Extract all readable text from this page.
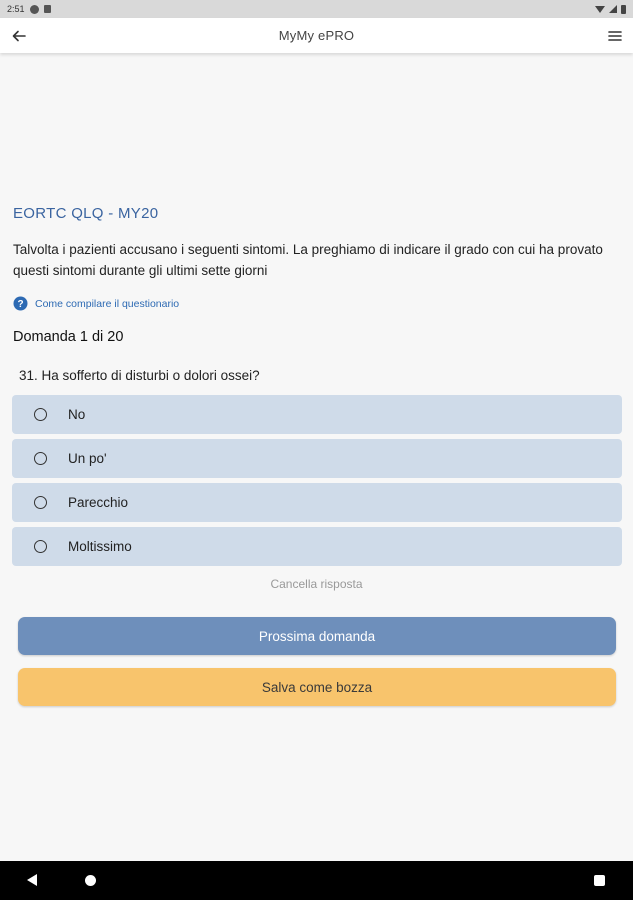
2:51
MyMy ePRO
EORTC QLQ - MY20
Talvolta i pazienti accusano i seguenti sintomi. La preghiamo di indicare il grado con cui ha provato questi sintomi durante gli ultimi sette giorni
? Come compilare il questionario
Domanda 1 di 20
31. Ha sofferto di disturbi o dolori ossei?
No
Un po'
Parecchio
Moltissimo
Cancella risposta
Prossima domanda
Salva come bozza
